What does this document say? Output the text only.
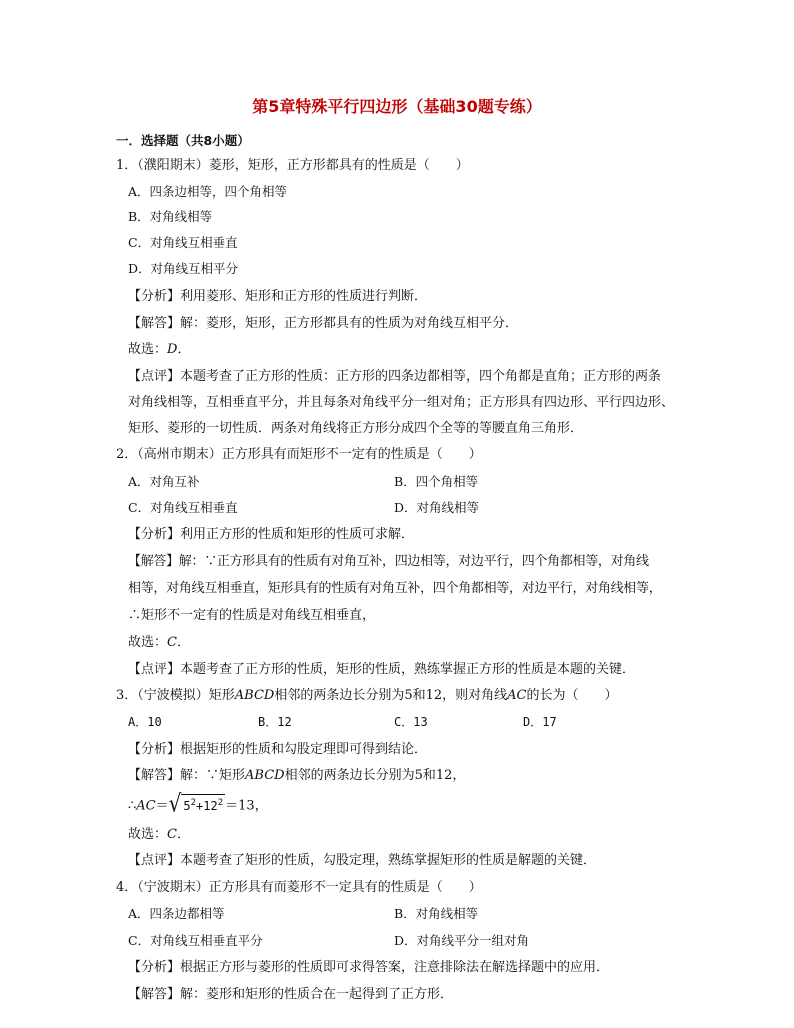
第5章特殊平行四边形（基础30题专练）
一．选择题（共8小题）
1．（濮阳期末）菱形，矩形，正方形都具有的性质是（　　）
A．四条边相等，四个角相等
B．对角线相等
C．对角线互相垂直
D．对角线互相平分
【分析】利用菱形、矩形和正方形的性质进行判断．
【解答】解：菱形，矩形，正方形都具有的性质为对角线互相平分．
故选：D．
【点评】本题考查了正方形的性质：正方形的四条边都相等，四个角都是直角；正方形的两条
对角线相等，互相垂直平分，并且每条对角线平分一组对角；正方形具有四边形、平行四边形、
矩形、菱形的一切性质．两条对角线将正方形分成四个全等的等腰直角三角形．
2．（高州市期末）正方形具有而矩形不一定有的性质是（　　）
A．对角互补	B．四个角相等
C．对角线互相垂直	D．对角线相等
【分析】利用正方形的性质和矩形的性质可求解．
【解答】解：∵正方形具有的性质有对角互补，四边相等，对边平行，四个角都相等，对角线
相等，对角线互相垂直，矩形具有的性质有对角互补，四个角都相等，对边平行，对角线相等，
∴矩形不一定有的性质是对角线互相垂直，
故选：C．
【点评】本题考查了正方形的性质，矩形的性质，熟练掌握正方形的性质是本题的关键．
3．（宁波模拟）矩形ABCD相邻的两条边长分别为5和12，则对角线AC的长为（　　）
A．10	B．12	C．13	D．17
【分析】根据矩形的性质和勾股定理即可得到结论．
【解答】解：∵矩形ABCD相邻的两条边长分别为5和12，
∴AC＝√ $5^2+12^2 =13$，
故选：C．
【点评】本题考查了矩形的性质，勾股定理，熟练掌握矩形的性质是解题的关键．
4．（宁波期末）正方形具有而菱形不一定具有的性质是（　　）
A．四条边都相等	B．对角线相等
C．对角线互相垂直平分	D．对角线平分一组对角
【分析】根据正方形与菱形的性质即可求得答案，注意排除法在解选择题中的应用．
【解答】解：菱形和矩形的性质合在一起得到了正方形．
